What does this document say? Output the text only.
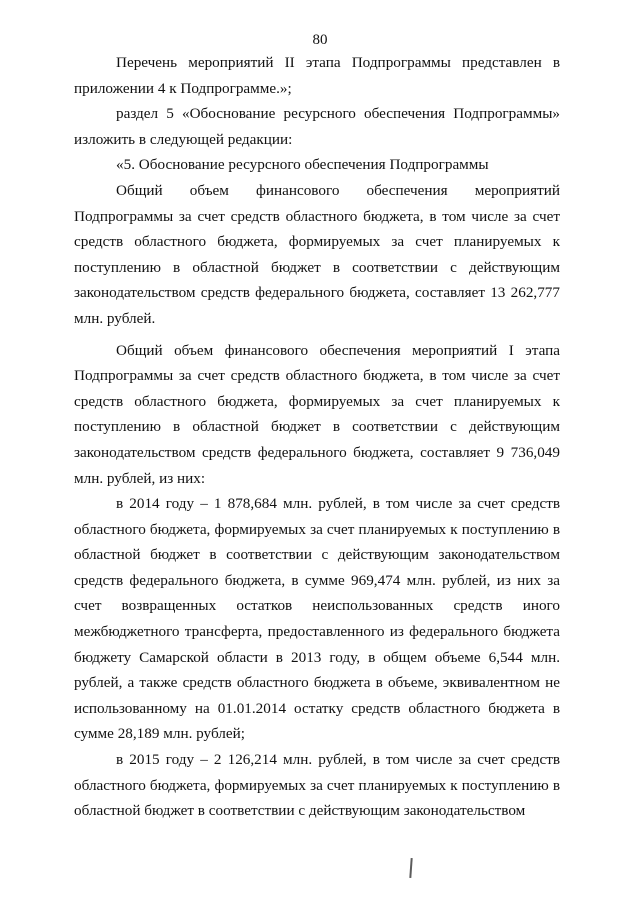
80

Перечень мероприятий II этапа Подпрограммы представлен в приложении 4 к Подпрограмме.»;

раздел 5 «Обоснование ресурсного обеспечения Подпрограммы» изложить в следующей редакции:

«5. Обоснование ресурсного обеспечения Подпрограммы

Общий объем финансового обеспечения мероприятий Подпрограммы за счет средств областного бюджета, в том числе за счет средств областного бюджета, формируемых за счет планируемых к поступлению в областной бюджет в соответствии с действующим законодательством средств федерального бюджета, составляет 13 262,777 млн. рублей.

Общий объем финансового обеспечения мероприятий I этапа Подпрограммы за счет средств областного бюджета, в том числе за счет средств областного бюджета, формируемых за счет планируемых к поступлению в областной бюджет в соответствии с действующим законодательством средств федерального бюджета, составляет 9 736,049 млн. рублей, из них:

в 2014 году – 1 878,684 млн. рублей, в том числе за счет средств областного бюджета, формируемых за счет планируемых к поступлению в областной бюджет в соответствии с действующим законодательством средств федерального бюджета, в сумме 969,474 млн. рублей, из них за счет возвращенных остатков неиспользованных средств иного межбюджетного трансферта, предоставленного из федерального бюджета бюджету Самарской области в 2013 году, в общем объеме 6,544 млн. рублей, а также средств областного бюджета в объеме, эквивалентном не использованному на 01.01.2014 остатку средств областного бюджета в сумме 28,189 млн. рублей;

в 2015 году – 2 126,214 млн. рублей, в том числе за счет средств областного бюджета, формируемых за счет планируемых к поступлению в областной бюджет в соответствии с действующим законодательством
